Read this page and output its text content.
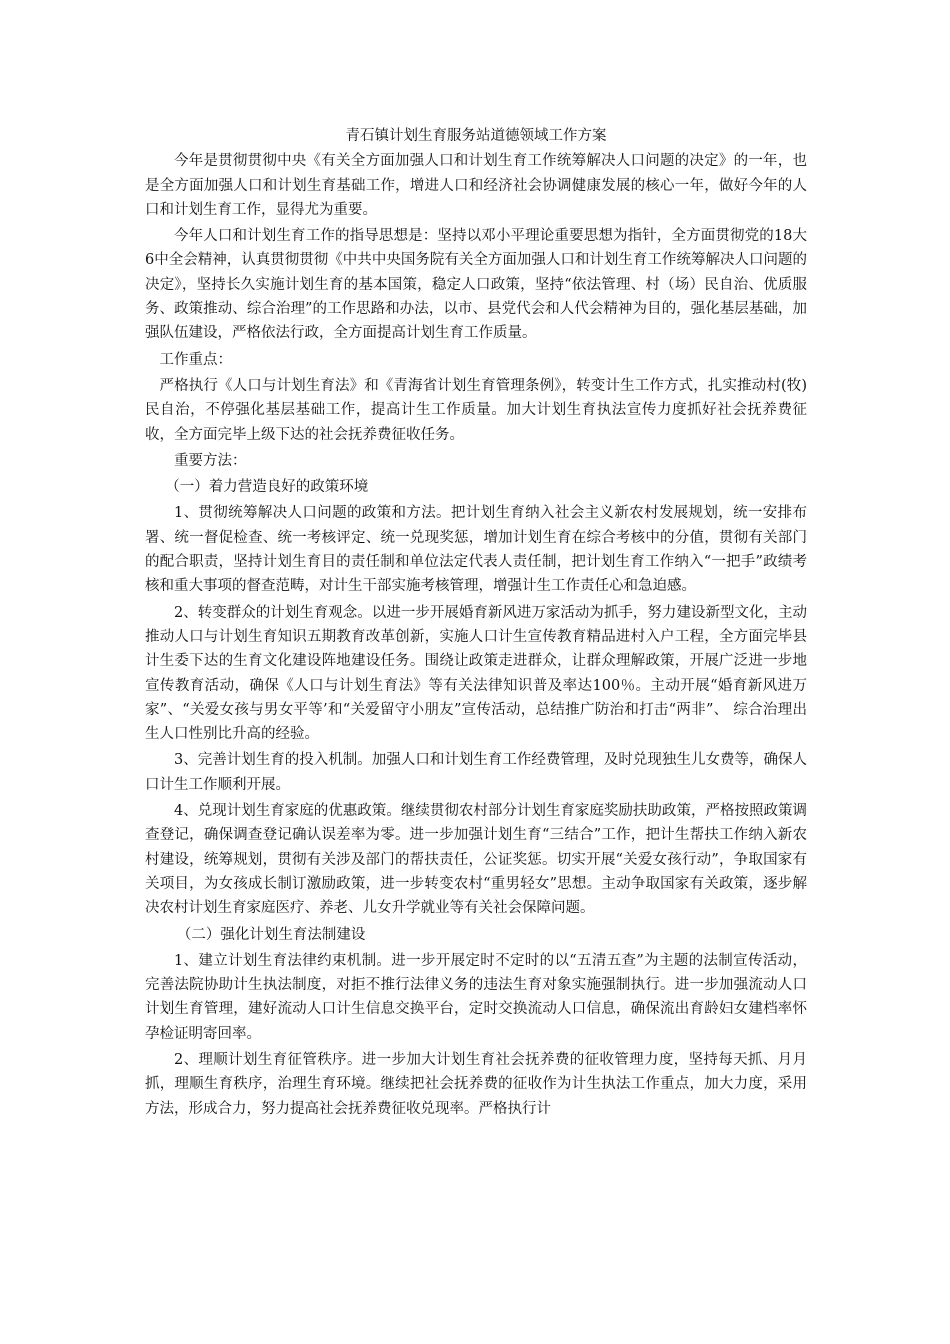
青石镇计划生育服务站道德领域工作方案
今年是贯彻贯彻中央《有关全方面加强人口和计划生育工作统筹解决人口问题的决定》的一年，也是全方面加强人口和计划生育基础工作，增进人口和经济社会协调健康发展的核心一年，做好今年的人口和计划生育工作，显得尤为重要。
今年人口和计划生育工作的指导思想是：坚持以邓小平理论重要思想为指针，全方面贯彻党的18大6中全会精神，认真贯彻贯彻《中共中央国务院有关全方面加强人口和计划生育工作统筹解决人口问题的决定》，坚持长久实施计划生育的基本国策，稳定人口政策，坚持“依法管理、村（场）民自治、优质服务、政策推动、综合治理”的工作思路和办法，以市、县党代会和人代会精神为目的，强化基层基础，加强队伍建设，严格依法行政，全方面提高计划生育工作质量。
工作重点：
严格执行《人口与计划生育法》和《青海省计划生育管理条例》，转变计生工作方式，扎实推动村(牧)民自治，不停强化基层基础工作，提高计生工作质量。加大计划生育执法宣传力度抓好社会抚养费征收，全方面完毕上级下达的社会抚养费征收任务。
重要方法：
（一）着力营造良好的政策环境
1、贯彻统筹解决人口问题的政策和方法。把计划生育纳入社会主义新农村发展规划，统一安排布署、统一督促检查、统一考核评定、统一兑现奖惩，增加计划生育在综合考核中的分值，贯彻有关部门的配合职责，坚持计划生育目的责任制和单位法定代表人责任制，把计划生育工作纳入“一把手”政绩考核和重大事项的督查范畴，对计生干部实施考核管理，增强计生工作责任心和急迫感。
2、转变群众的计划生育观念。以进一步开展婚育新风进万家活动为抓手，努力建设新型文化，主动推动人口与计划生育知识五期教育改革创新，实施人口计生宣传教育精品进村入户工程，全方面完毕县计生委下达的生育文化建设阵地建设任务。围绕让政策走进群众，让群众理解政策，开展广泛进一步地宣传教育活动，确保《人口与计划生育法》等有关法律知识普及率达100％。主动开展“婚育新风进万家”、“关爱女孩与男女平等’和“关爱留守小朋友”宣传活动，总结推广防治和打击“两非”、 综合治理出生人口性别比升高的经验。
3、完善计划生育的投入机制。加强人口和计划生育工作经费管理，及时兑现独生儿女费等，确保人口计生工作顺利开展。
4、兑现计划生育家庭的优惠政策。继续贯彻农村部分计划生育家庭奖励扶助政策，严格按照政策调查登记，确保调查登记确认误差率为零。进一步加强计划生育“三结合”工作，把计生帮扶工作纳入新农村建设，统筹规划，贯彻有关涉及部门的帮扶责任，公证奖惩。切实开展“关爱女孩行动”，争取国家有关项目，为女孩成长制订激励政策，进一步转变农村“重男轻女”思想。主动争取国家有关政策，逐步解决农村计划生育家庭医疗、养老、儿女升学就业等有关社会保障问题。
（二）强化计划生育法制建设
1、建立计划生育法律约束机制。进一步开展定时不定时的以“五清五查”为主题的法制宣传活动，完善法院协助计生执法制度，对拒不推行法律义务的违法生育对象实施强制执行。进一步加强流动人口计划生育管理，建好流动人口计生信息交换平台，定时交换流动人口信息，确保流出育龄妇女建档率怀孕检证明寄回率。
2、理顺计划生育征管秩序。进一步加大计划生育社会抚养费的征收管理力度，坚持每天抓、月月抓，理顺生育秩序，治理生育环境。继续把社会抚养费的征收作为计生执法工作重点，加大力度，采用方法，形成合力，努力提高社会抚养费征收兑现率。严格执行计
